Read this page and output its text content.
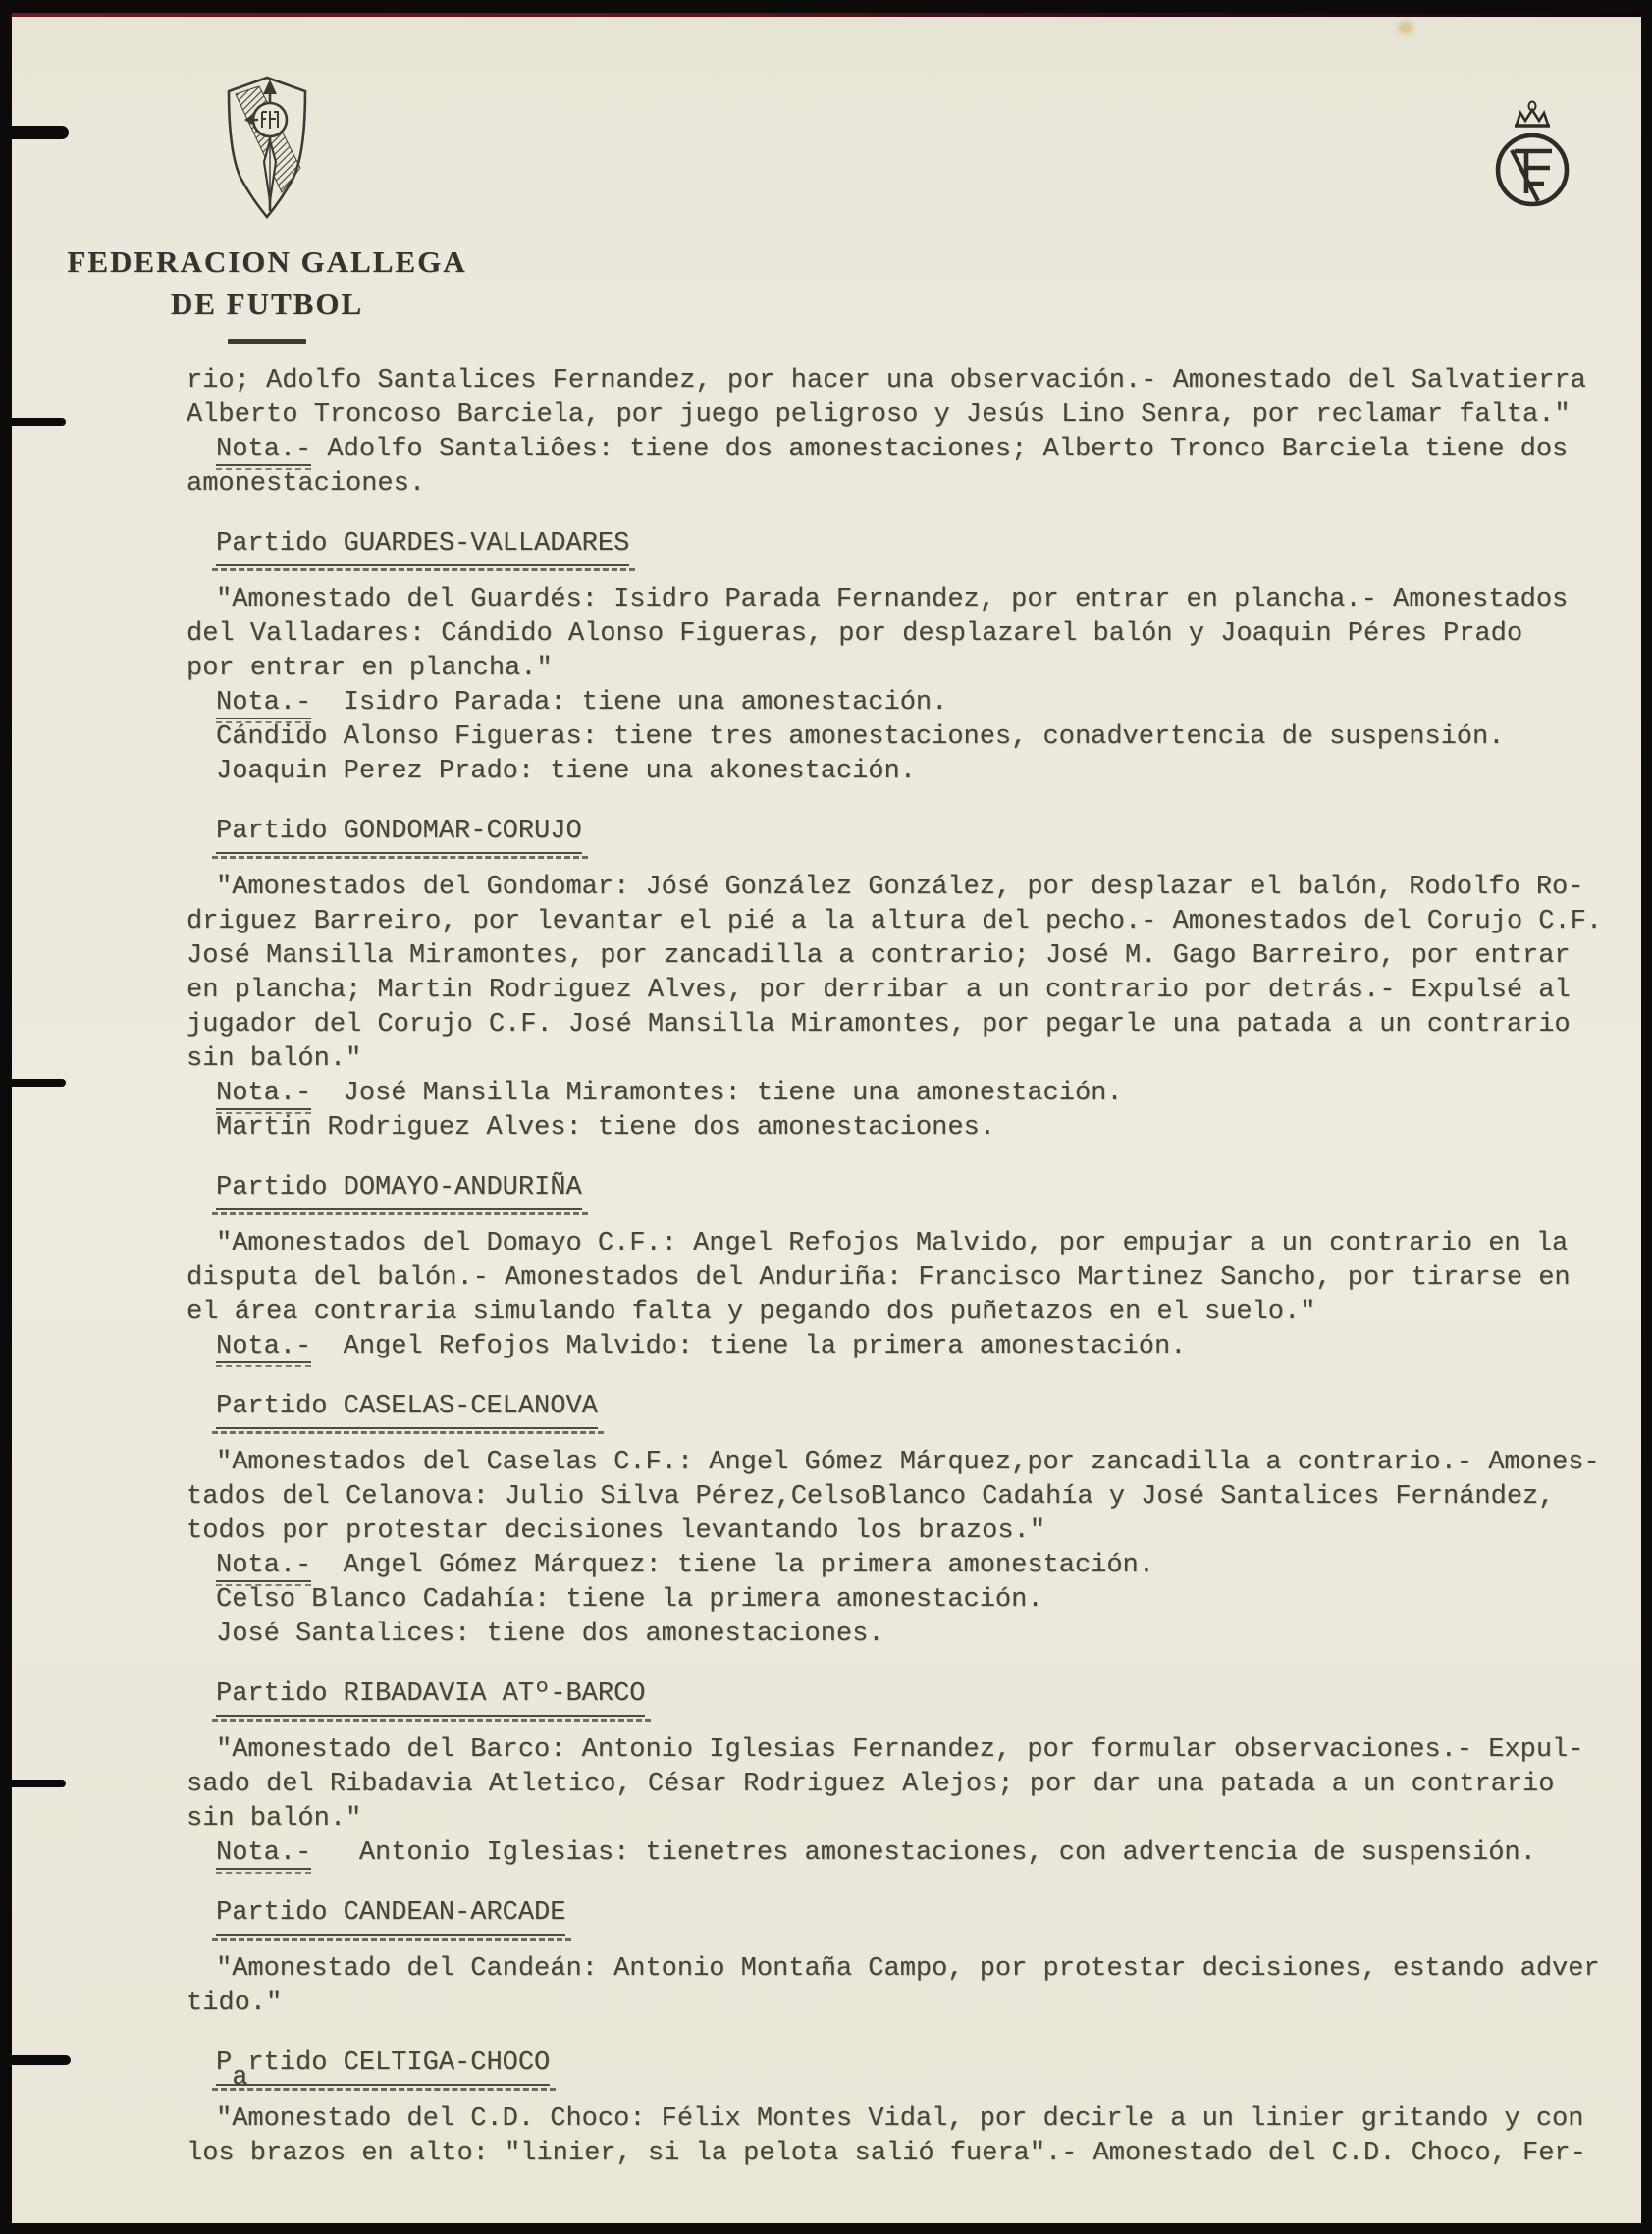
FEDERACION GALLEGA
DE FUTBOL
rio; Adolfo Santalices Fernandez, por hacer una observación.- Amonestado del Salvatierra
Alberto Troncoso Barciela, por juego peligroso y Jesús Lino Senra, por reclamar falta."
Nota.- Adolfo Santaliôes: tiene dos amonestaciones; Alberto Tronco Barciela tiene dos
amonestaciones.
Partido GUARDES-VALLADARES
"Amonestado del Guardés: Isidro Parada Fernandez, por entrar en plancha.- Amonestados
del Valladares: Cándido Alonso Figueras, por desplazarel balón y Joaquin Péres Prado
por entrar en plancha."
Nota.-  Isidro Parada: tiene una amonestación.
Cándido Alonso Figueras: tiene tres amonestaciones, conadvertencia de suspensión.
Joaquin Perez Prado: tiene una akonestación.
Partido GONDOMAR-CORUJO
"Amonestados del Gondomar: Jósé González González, por desplazar el balón, Rodolfo Ro-
driguez Barreiro, por levantar el pié a la altura del pecho.- Amonestados del Corujo C.F.
José Mansilla Miramontes, por zancadilla a contrario; José M. Gago Barreiro, por entrar
en plancha; Martin Rodriguez Alves, por derribar a un contrario por detrás.- Expulsé al
jugador del Corujo C.F. José Mansilla Miramontes, por pegarle una patada a un contrario
sin balón."
Nota.-  José Mansilla Miramontes: tiene una amonestación.
Martin Rodriguez Alves: tiene dos amonestaciones.
Partido DOMAYO-ANDURIÑA
"Amonestados del Domayo C.F.: Angel Refojos Malvido, por empujar a un contrario en la
disputa del balón.- Amonestados del Anduriña: Francisco Martinez Sancho, por tirarse en
el área contraria simulando falta y pegando dos puñetazos en el suelo."
Nota.-  Angel Refojos Malvido: tiene la primera amonestación.
Partido CASELAS-CELANOVA
"Amonestados del Caselas C.F.: Angel Gómez Márquez,por zancadilla a contrario.- Amones-
tados del Celanova: Julio Silva Pérez,CelsoBlanco Cadahía y José Santalices Fernández,
todos por protestar decisiones levantando los brazos."
Nota.-  Angel Gómez Márquez: tiene la primera amonestación.
Celso Blanco Cadahía: tiene la primera amonestación.
José Santalices: tiene dos amonestaciones.
Partido RIBADAVIA ATº-BARCO
"Amonestado del Barco: Antonio Iglesias Fernandez, por formular observaciones.- Expul-
sado del Ribadavia Atletico, César Rodriguez Alejos; por dar una patada a un contrario
sin balón."
Nota.-   Antonio Iglesias: tienetres amonestaciones, con advertencia de suspensión.
Partido CANDEAN-ARCADE
"Amonestado del Candeán: Antonio Montaña Campo, por protestar decisiones, estando adver
tido."
Partido CELTIGA-CHOCO
"Amonestado del C.D. Choco: Félix Montes Vidal, por decirle a un linier gritando y con
los brazos en alto: "linier, si la pelota salió fuera".- Amonestado del C.D. Choco, Fer-
